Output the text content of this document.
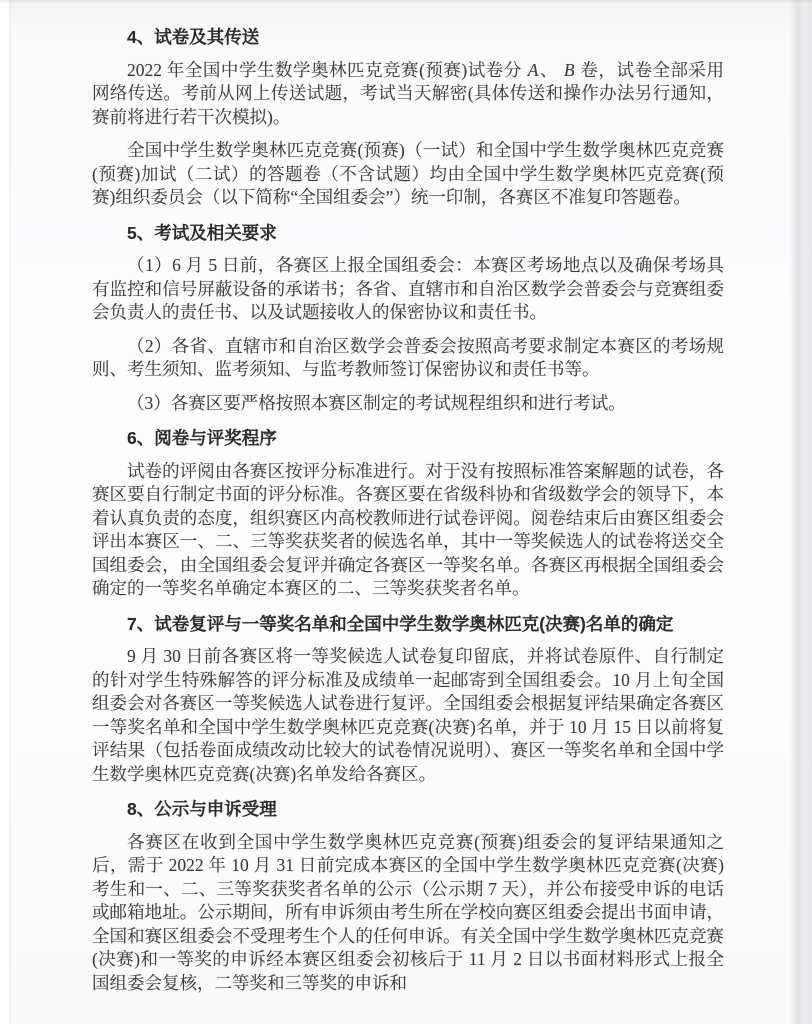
4、试卷及其传送

2022 年全国中学生数学奥林匹克竞赛(预赛)试卷分 A、 B 卷，试卷全部采用网络传送。考前从网上传送试题，考试当天解密(具体传送和操作办法另行通知，赛前将进行若干次模拟)。

全国中学生数学奥林匹克竞赛(预赛)（一试）和全国中学生数学奥林匹克竞赛(预赛)加试（二试）的答题卷（不含试题）均由全国中学生数学奥林匹克竞赛(预赛)组织委员会（以下简称“全国组委会”）统一印制，各赛区不准复印答题卷。

5、考试及相关要求

（1）6 月 5 日前，各赛区上报全国组委会：本赛区考场地点以及确保考场具有监控和信号屏蔽设备的承诺书；各省、直辖市和自治区数学会普委会与竞赛组委会负责人的责任书、以及试题接收人的保密协议和责任书。

（2）各省、直辖市和自治区数学会普委会按照高考要求制定本赛区的考场规则、考生须知、监考须知、与监考教师签订保密协议和责任书等。

（3）各赛区要严格按照本赛区制定的考试规程组织和进行考试。

6、阅卷与评奖程序

试卷的评阅由各赛区按评分标准进行。对于没有按照标准答案解题的试卷，各赛区要自行制定书面的评分标准。各赛区要在省级科协和省级数学会的领导下，本着认真负责的态度，组织赛区内高校教师进行试卷评阅。阅卷结束后由赛区组委会评出本赛区一、二、三等奖获奖者的候选名单，其中一等奖候选人的试卷将送交全国组委会，由全国组委会复评并确定各赛区一等奖名单。各赛区再根据全国组委会确定的一等奖名单确定本赛区的二、三等奖获奖者名单。

7、试卷复评与一等奖名单和全国中学生数学奥林匹克(决赛)名单的确定

9 月 30 日前各赛区将一等奖候选人试卷复印留底，并将试卷原件、自行制定的针对学生特殊解答的评分标准及成绩单一起邮寄到全国组委会。10 月上旬全国组委会对各赛区一等奖候选人试卷进行复评。全国组委会根据复评结果确定各赛区一等奖名单和全国中学生数学奥林匹克竞赛(决赛)名单，并于 10 月 15 日以前将复评结果（包括卷面成绩改动比较大的试卷情况说明）、赛区一等奖名单和全国中学生数学奥林匹克竞赛(决赛)名单发给各赛区。

8、公示与申诉受理

各赛区在收到全国中学生数学奥林匹克竞赛(预赛)组委会的复评结果通知之后，需于 2022 年 10 月 31 日前完成本赛区的全国中学生数学奥林匹克竞赛(决赛)考生和一、二、三等奖获奖者名单的公示（公示期 7 天），并公布接受申诉的电话或邮箱地址。公示期间，所有申诉须由考生所在学校向赛区组委会提出书面申请，全国和赛区组委会不受理考生个人的任何申诉。有关全国中学生数学奥林匹克竞赛(决赛)和一等奖的申诉经本赛区组委会初核后于 11 月 2 日以书面材料形式上报全国组委会复核，二等奖和三等奖的申诉和
